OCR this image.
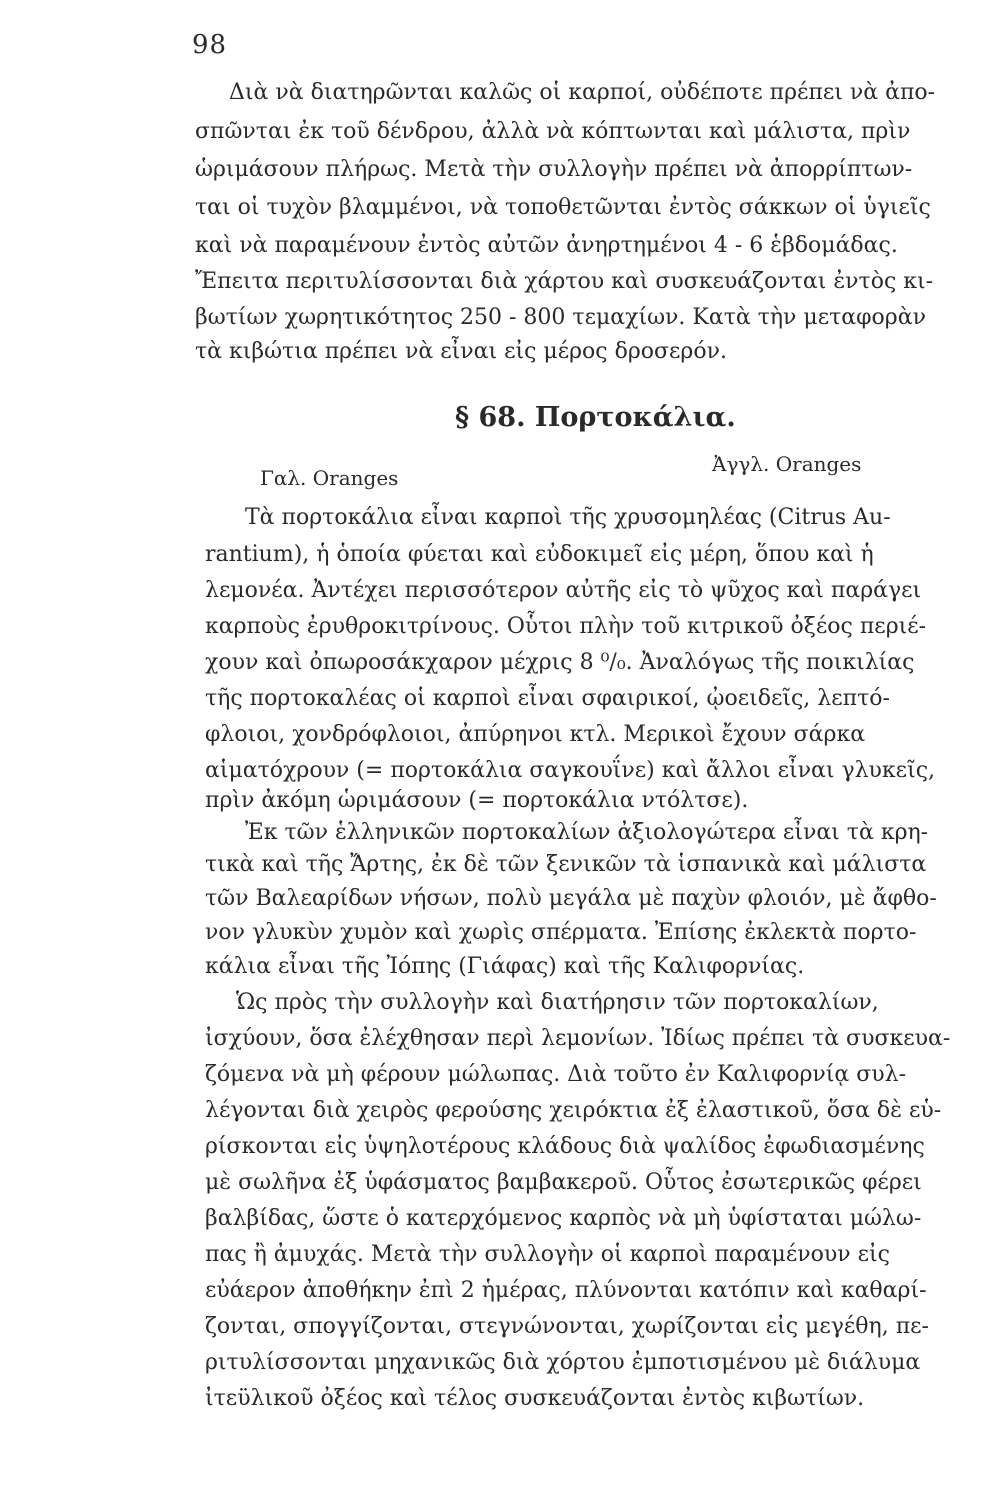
98
Διὰ νὰ διατηρῶνται καλῶς οἱ καρποί, οὐδέποτε πρέπει νὰ ἀπο-
σπῶνται ἐκ τοῦ δένδρου, ἀλλὰ νὰ κόπτωνται καὶ μάλιστα, πρὶν
ὡριμάσουν πλήρως. Μετὰ τὴν συλλογὴν πρέπει νὰ ἀπορρίπτων-
ται οἱ τυχὸν βλαμμένοι, νὰ τοποθετῶνται ἐντὸς σάκκων οἱ ὑγιεῖς
καὶ νὰ παραμένουν ἐντὸς αὐτῶν ἀνηρτημένοι 4 - 6 ἑβδομάδας.
Ἔπειτα περιτυλίσσονται διὰ χάρτου καὶ συσκευάζονται ἐντὸς κι-
βωτίων χωρητικότητος 250 - 800 τεμαχίων. Κατὰ τὴν μεταφορὰν
τὰ κιβώτια πρέπει νὰ εἶναι εἰς μέρος δροσερόν.
§ 68. Πορτοκάλια.
Γαλ. Oranges
Ἀγγλ. Oranges
Τὰ πορτοκάλια εἶναι καρποὶ τῆς χρυσομηλέας (Citrus Au-
rantium), ἡ ὁποία φύεται καὶ εὐδοκιμεῖ εἰς μέρη, ὅπου καὶ ἡ
λεμονέα. Ἀντέχει περισσότερον αὐτῆς εἰς τὸ ψῦχος καὶ παράγει
καρποὺς ἐρυθροκιτρίνους. Οὗτοι πλὴν τοῦ κιτρικοῦ ὀξέος περιέ-
χουν καὶ ὀπωροσάκχαρον μέχρις 8 ⁰/₀. Ἀναλόγως τῆς ποικιλίας
τῆς πορτοκαλέας οἱ καρποὶ εἶναι σφαιρικοί, ᾠοειδεῖς, λεπτό-
φλοιοι, χονδρόφλοιοι, ἀπύρηνοι κτλ. Μερικοὶ ἔχουν σάρκα
αἱματόχρουν (= πορτοκάλια σαγκουΐνε) καὶ ἄλλοι εἶναι γλυκεῖς,
πρὶν ἀκόμη ὡριμάσουν (= πορτοκάλια ντόλτσε).
Ἐκ τῶν ἑλληνικῶν πορτοκαλίων ἀξιολογώτερα εἶναι τὰ κρη-
τικὰ καὶ τῆς Ἄρτης, ἐκ δὲ τῶν ξενικῶν τὰ ἱσπανικὰ καὶ μάλιστα
τῶν Βαλεαρίδων νήσων, πολὺ μεγάλα μὲ παχὺν φλοιόν, μὲ ἄφθο-
νον γλυκὺν χυμὸν καὶ χωρὶς σπέρματα. Ἐπίσης ἐκλεκτὰ πορτο-
κάλια εἶναι τῆς Ἰόπης (Γιάφας) καὶ τῆς Καλιφορνίας.
Ὡς πρὸς τὴν συλλογὴν καὶ διατήρησιν τῶν πορτοκαλίων,
ἰσχύουν, ὅσα ἐλέχθησαν περὶ λεμονίων. Ἰδίως πρέπει τὰ συσκευα-
ζόμενα νὰ μὴ φέρουν μώλωπας. Διὰ τοῦτο ἐν Καλιφορνίᾳ συλ-
λέγονται διὰ χειρὸς φερούσης χειρόκτια ἐξ ἐλαστικοῦ, ὅσα δὲ εὑ-
ρίσκονται εἰς ὑψηλοτέρους κλάδους διὰ ψαλίδος ἐφωδιασμένης
μὲ σωλῆνα ἐξ ὑφάσματος βαμβακεροῦ. Οὗτος ἐσωτερικῶς φέρει
βαλβίδας, ὥστε ὁ κατερχόμενος καρπὸς νὰ μὴ ὑφίσταται μώλω-
πας ἢ ἀμυχάς. Μετὰ τὴν συλλογὴν οἱ καρποὶ παραμένουν εἰς
εὐάερον ἀποθήκην ἐπὶ 2 ἡμέρας, πλύνονται κατόπιν καὶ καθαρί-
ζονται, σπογγίζονται, στεγνώνονται, χωρίζονται εἰς μεγέθη, πε-
ριτυλίσσονται μηχανικῶς διὰ χόρτου ἐμποτισμένου μὲ διάλυμα
ἰτεϋλικοῦ ὀξέος καὶ τέλος συσκευάζονται ἐντὸς κιβωτίων.
